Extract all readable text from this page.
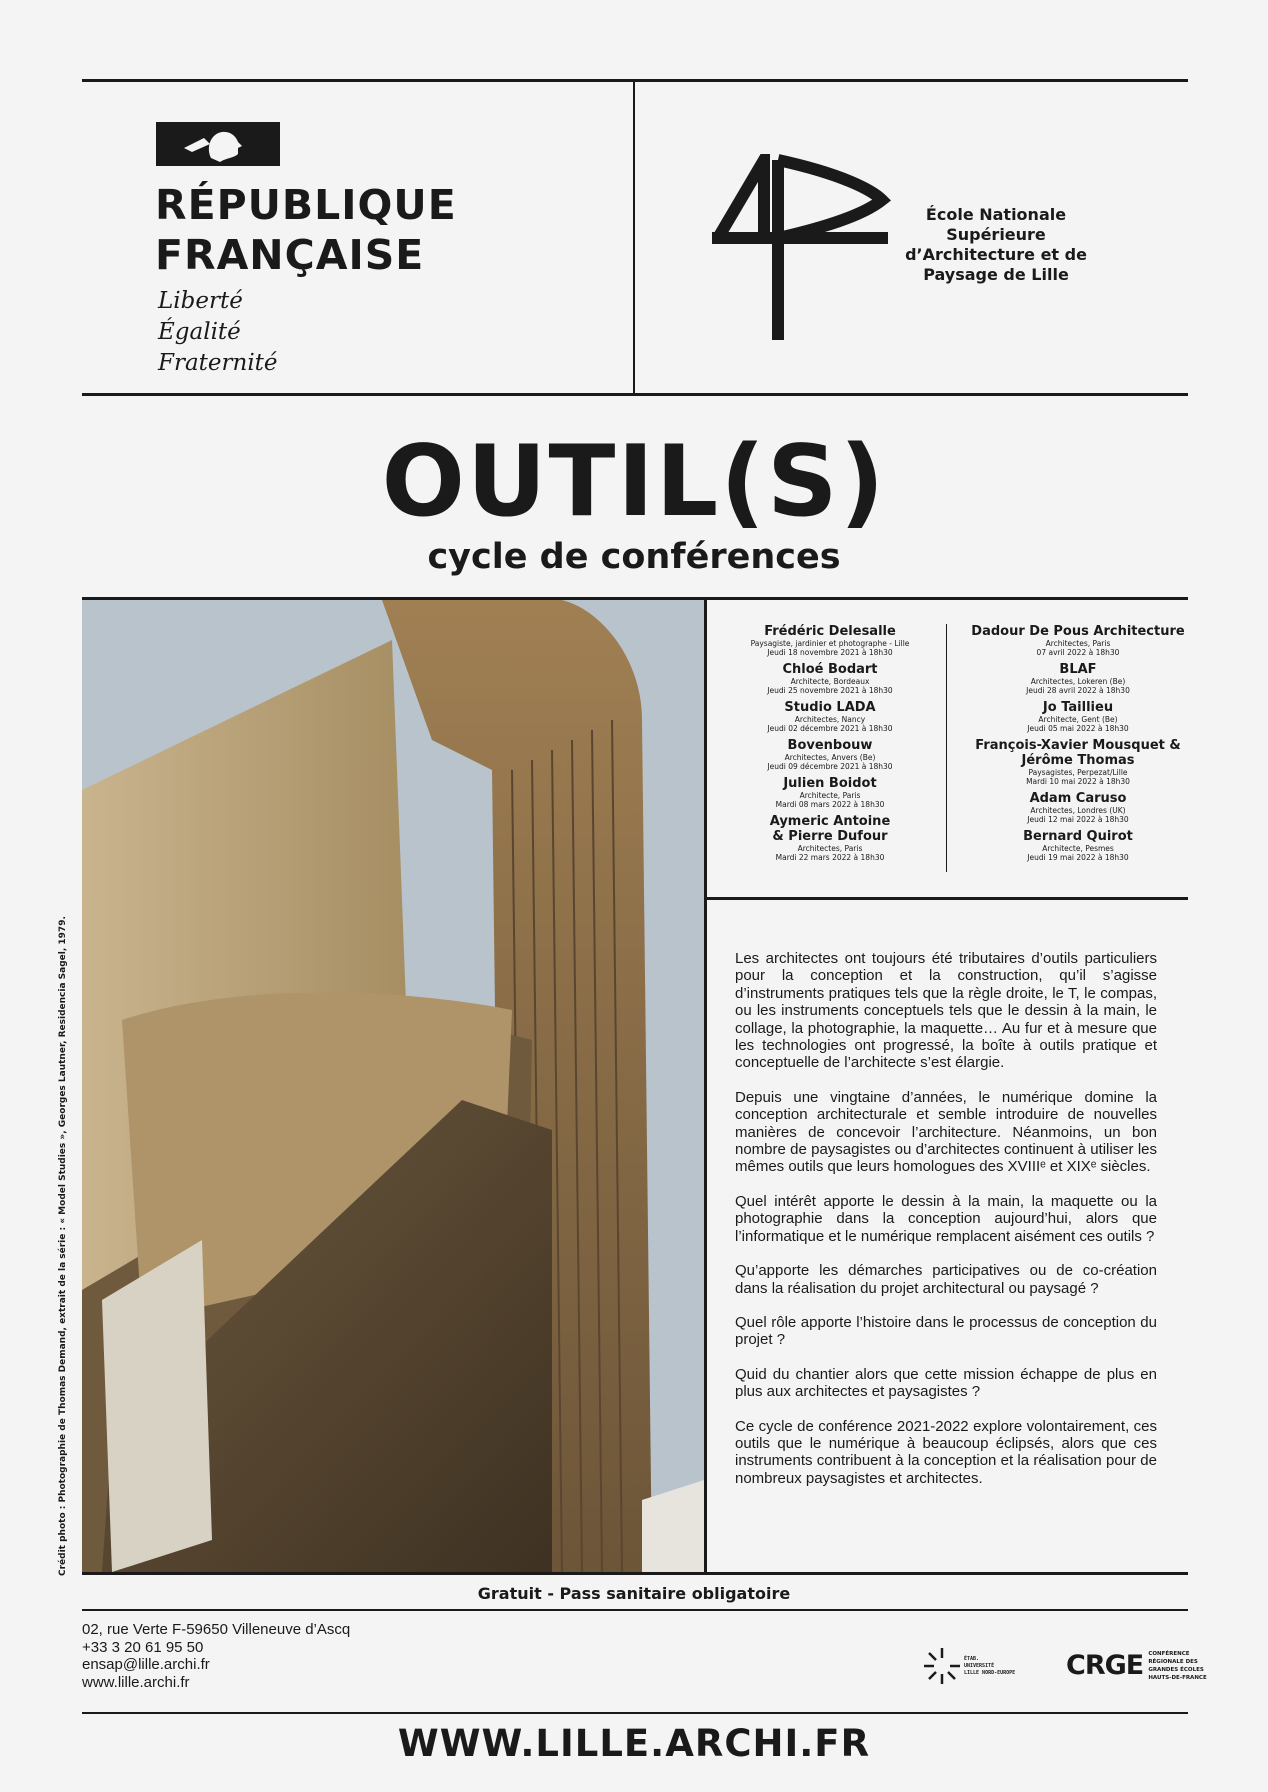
RÉPUBLIQUE FRANÇAISE
Liberté
Égalité
Fraternité
École Nationale Supérieure d’Architecture et de Paysage de Lille
OUTIL(S)
cycle de conférences
Crédit photo : Photographie de Thomas Demand, extrait de la série : « Model Studies », Georges Lautner, Residencia Sagel, 1979.
Frédéric Delesalle
Paysagiste, jardinier et photographe - Lille
Jeudi 18 novembre 2021 à 18h30
Chloé Bodart
Architecte, Bordeaux
Jeudi 25 novembre 2021 à 18h30
Studio LADA
Architectes, Nancy
Jeudi 02 décembre 2021 à 18h30
Bovenbouw
Architectes, Anvers (Be)
Jeudi 09 décembre 2021 à 18h30
Julien Boidot
Architecte, Paris
Mardi 08 mars 2022 à 18h30
Aymeric Antoine & Pierre Dufour
Architectes, Paris
Mardi 22 mars 2022 à 18h30
Dadour De Pous Architecture
Architectes, Paris
07 avril 2022 à 18h30
BLAF
Architectes, Lokeren (Be)
Jeudi 28 avril 2022 à 18h30
Jo Taillieu
Architecte, Gent (Be)
Jeudi 05 mai 2022 à 18h30
François-Xavier Mousquet & Jérôme Thomas
Paysagistes, Perpezat/Lille
Mardi 10 mai 2022 à 18h30
Adam Caruso
Architectes, Londres (UK)
Jeudi 12 mai 2022 à 18h30
Bernard Quirot
Architecte, Pesmes
Jeudi 19 mai 2022 à 18h30

Les architectes ont toujours été tributaires d’outils particuliers pour la conception et la construction, qu’il s’agisse d’instruments pratiques tels que la règle droite, le T, le compas, ou les instruments conceptuels tels que le dessin à la main, le collage, la photographie, la maquette… Au fur et à mesure que les technologies ont progressé, la boîte à outils pratique et conceptuelle de l’architecte s’est élargie.

Depuis une vingtaine d’années, le numérique domine la conception architecturale et semble introduire de nouvelles manières de concevoir l’architecture. Néanmoins, un bon nombre de paysagistes ou d’architectes continuent à utiliser les mêmes outils que leurs homologues des XVIIIᵉ et XIXᵉ siècles.

Quel intérêt apporte le dessin à la main, la maquette ou la photographie dans la conception aujourd’hui, alors que l’informatique et le numérique remplacent aisément ces outils ?

Qu’apporte les démarches participatives ou de co-création dans la réalisation du projet architectural ou paysagé ?

Quel rôle apporte l’histoire dans le processus de conception du projet ?

Quid du chantier alors que cette mission échappe de plus en plus aux architectes et paysagistes ?

Ce cycle de conférence 2021-2022 explore volontairement, ces outils que le numérique à beaucoup éclipsés, alors que ces instruments contribuent à la conception et la réalisation pour de nombreux paysagistes et architectes.

Gratuit - Pass sanitaire obligatoire
02, rue Verte F-59650 Villeneuve d’Ascq
+33 3 20 61 95 50
ensap@lille.archi.fr
www.lille.archi.fr
ÉTAB.
UNIVERSITÉ
LILLE NORD-EUROPE CRGE CONFÉRENCE RÉGIONALE DES GRANDES ÉCOLES HAUTS-DE-FRANCE
WWW.LILLE.ARCHI.FR
